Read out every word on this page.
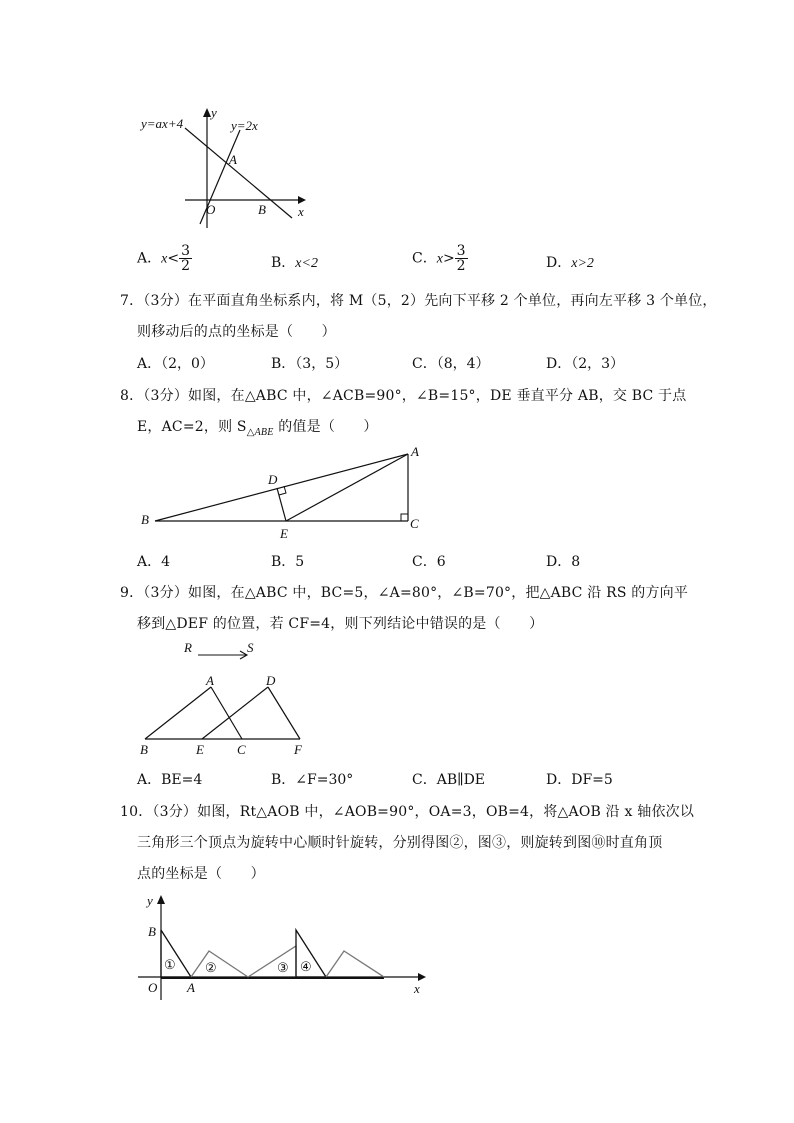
y=ax+4	y=2x
y
x
O
A
B
A．$x< \frac{3}{2}$	B．x<2	C．$x> \frac{3}{2}$	D．x>2
7．（3分）在平面直角坐标系内，将 M（5，2）先向下平移 2 个单位，再向左平移 3 个单位，
则移动后的点的坐标是（　　）
A．（2，0）	B．（3，5）	C．（8，4）	D．（2，3）
8．（3分）如图，在△ABC 中，∠ACB=90°，∠B=15°，DE 垂直平分 AB，交 BC 于点
E，AC=2，则 $S_{\triangle ABE}$ 的值是（　　）
A
B	C
D
E
A．4	B．5	C．6	D．8
9．（3分）如图，在△ABC 中，BC=5，∠A=80°，∠B=70°，把△ABC 沿 RS 的方向平
移到△DEF 的位置，若 CF=4，则下列结论中错误的是（　　）
R	S
A	D
B	E	C	F
A．BE=4	B．∠F=30°	C．AB∥DE	D．DF=5
10．（3分）如图，Rt△AOB 中，∠AOB=90°，OA=3，OB=4，将△AOB 沿 x 轴依次以
三角形三个顶点为旋转中心顺时针旋转，分别得图②，图③，则旋转到图⑩时直角顶
点的坐标是（　　）
y
x
O A
B
① ②	③ ④
